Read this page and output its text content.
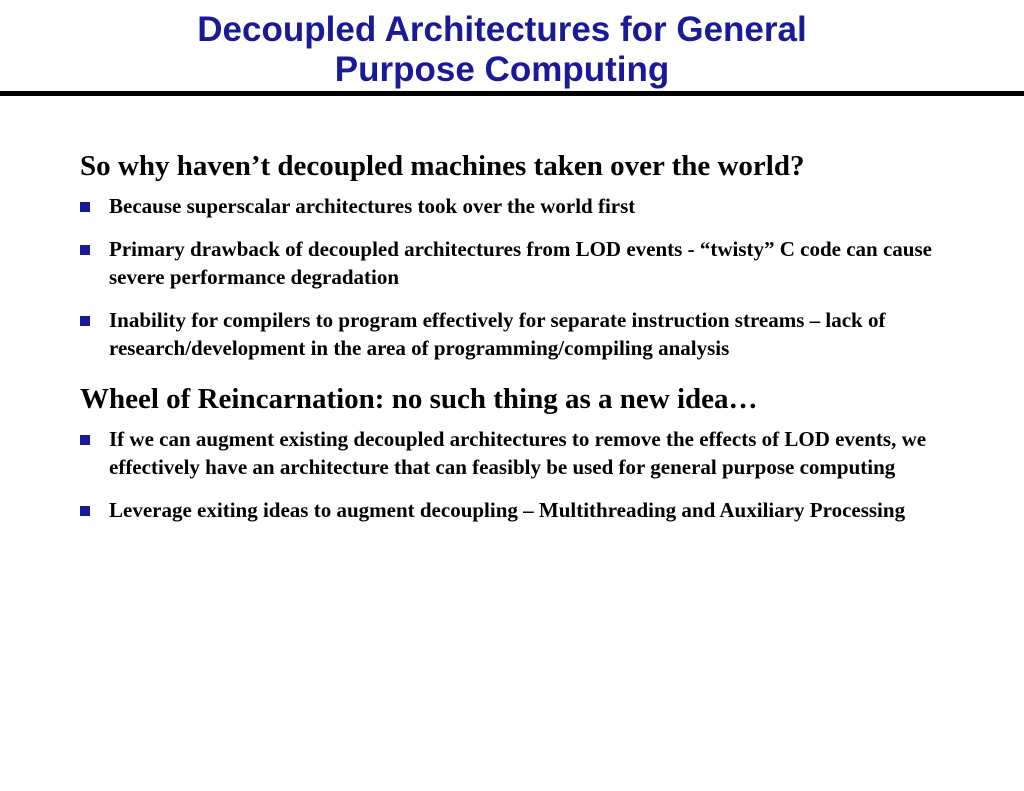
Decoupled Architectures for General
Purpose Computing

So why haven’t decoupled machines taken over the world?

Because superscalar architectures took over the world first
Primary drawback of decoupled architectures from LOD events - “twisty” C code can cause severe performance degradation
Inability for compilers to program effectively for separate instruction streams – lack of research/development in the area of programming/compiling analysis

Wheel of Reincarnation: no such thing as a new idea…

If we can augment existing decoupled architectures to remove the effects of LOD events, we effectively have an architecture that can feasibly be used for general purpose computing
Leverage exiting ideas to augment decoupling – Multithreading and Auxiliary Processing
